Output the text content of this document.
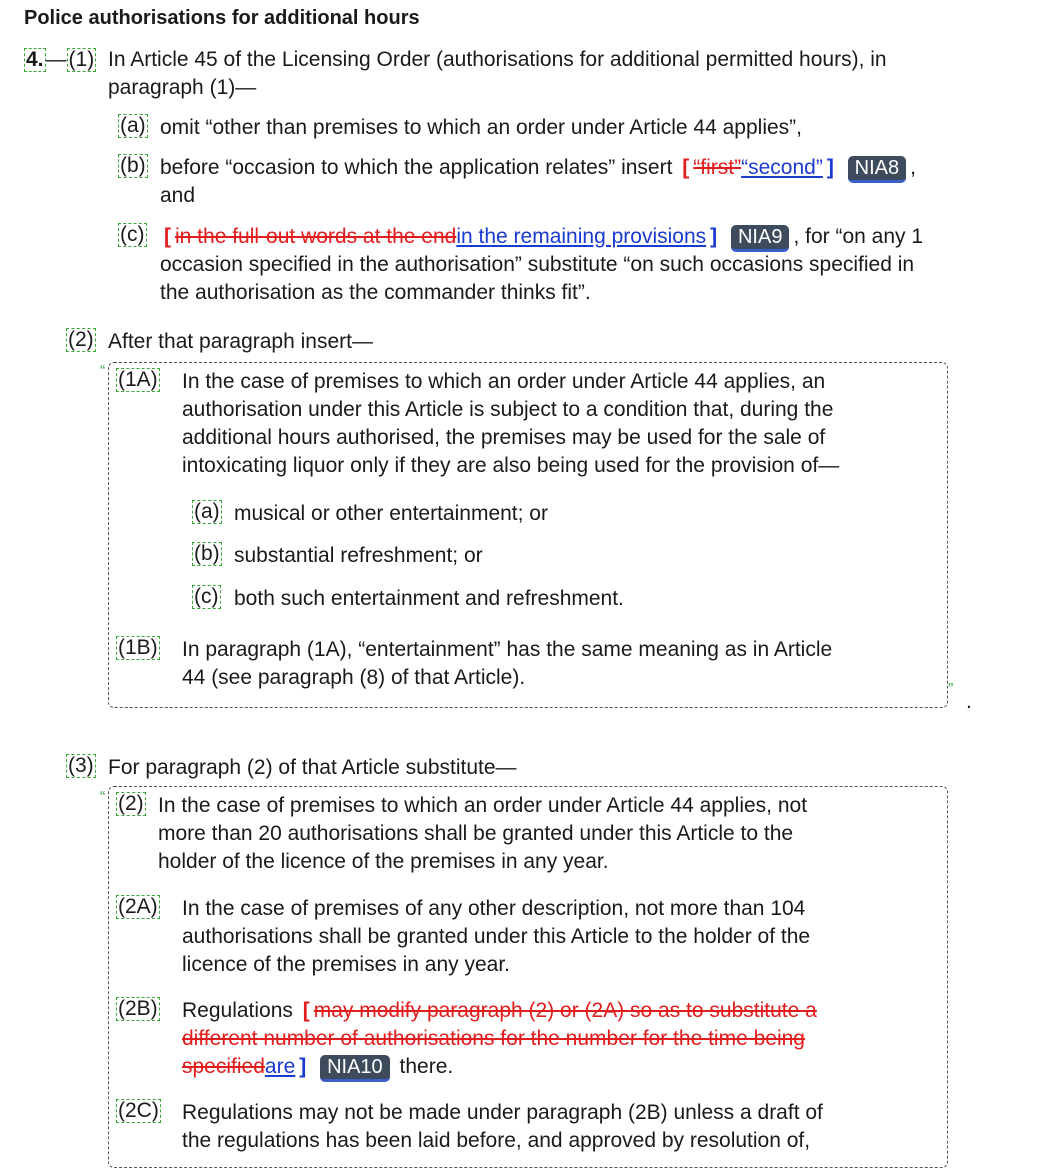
Police authorisations for additional hours
4.—(1) In Article 45 of the Licensing Order (authorisations for additional permitted hours), in
paragraph (1)—
(a) omit “other than premises to which an order under Article 44 applies”,
(b) before “occasion to which the application relates” insert [ “first”“second” ] NIA8 ,
and
(c) [ in the full-out words at the endin the remaining provisions ] NIA9 , for “on any 1
occasion specified in the authorisation” substitute “on such occasions specified in
the authorisation as the commander thinks fit”.
(2) After that paragraph insert—
“
”
.
(1A) In the case of premises to which an order under Article 44 applies, an
authorisation under this Article is subject to a condition that, during the
additional hours authorised, the premises may be used for the sale of
intoxicating liquor only if they are also being used for the provision of—
(a) musical or other entertainment; or
(b) substantial refreshment; or
(c) both such entertainment and refreshment.
(1B) In paragraph (1A), “entertainment” has the same meaning as in Article
44 (see paragraph (8) of that Article).
(3) For paragraph (2) of that Article substitute—
“ (2) In the case of premises to which an order under Article 44 applies, not
more than 20 authorisations shall be granted under this Article to the
holder of the licence of the premises in any year.
(2A) In the case of premises of any other description, not more than 104
authorisations shall be granted under this Article to the holder of the
licence of the premises in any year.
(2B) Regulations [ may modify paragraph (2) or (2A) so as to substitute a
different number of authorisations for the number for the time being
specifiedare ] NIA10 there.
(2C) Regulations may not be made under paragraph (2B) unless a draft of
the regulations has been laid before, and approved by resolution of,
